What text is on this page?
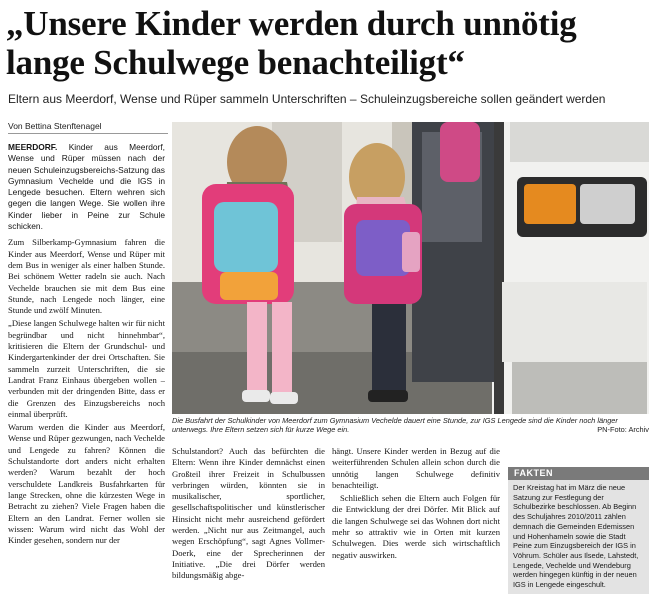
„Unsere Kinder werden durch unnötig lange Schulwege benachteiligt“
Eltern aus Meerdorf, Wense und Rüper sammeln Unterschriften – Schuleinzugsbereiche sollen geändert werden
Von Bettina Stenftenagel

MEERDORF. Kinder aus Meerdorf, Wense und Rüper müssen nach der neuen Schuleinzugsbereichs-Satzung das Gymnasium Vechelde und die IGS in Lengede besuchen. Eltern wehren sich gegen die langen Wege. Sie wollen ihre Kinder lieber in Peine zur Schule schicken.

Zum Silberkamp-Gymnasium fahren die Kinder aus Meerdorf, Wense und Rüper mit dem Bus in weniger als einer halben Stunde. Bei schönem Wetter radeln sie auch. Nach Vechelde brauchen sie mit dem Bus eine Stunde, nach Lengede noch länger, eine Stunde und zwölf Minuten.

„Diese langen Schulwege halten wir für nicht begründbar und nicht hinnehmbar“, kritisieren die Eltern der Grundschul- und Kindergartenkinder der drei Ortschaften. Sie sammeln zurzeit Unterschriften, die sie Landrat Franz Einhaus übergeben wollen – verbunden mit der dringenden Bitte, dass er die Grenzen des Einzugsbereichs noch einmal überprüft.

Warum werden die Kinder aus Meerdorf, Wense und Rüper gezwungen, nach Vechelde und Lengede zu fahren? Können die Schulstandorte dort anders nicht erhalten werden? Warum bezahlt der hoch verschuldete Landkreis Busfahrkarten für lange Strecken, ohne die kürzesten Wege in Betracht zu ziehen? Viele Fragen haben die Eltern an den Landrat. Ferner wollen sie wissen: Warum wird nicht das Wohl der Kinder gesehen, sondern nur der

Die Busfahrt der Schulkinder von Meerdorf zum Gymnasium Vechelde dauert eine Stunde, zur IGS Lengede sind die Kinder noch länger unterwegs. Ihre Eltern setzen sich für kurze Wege ein.	PN-Foto: Archiv

Schulstandort? Auch das befürchten die Eltern: Wenn ihre Kinder demnächst einen Großteil ihrer Freizeit in Schulbussen verbringen würden, könnten sie in musikalischer, sportlicher, gesellschaftspolitischer und künstlerischer Hinsicht nicht mehr ausreichend gefördert werden. „Nicht nur aus Zeitmangel, auch wegen Erschöpfung“, sagt Agnes Vollmer-Doerk, eine der Sprecherinnen der Initiative. „Die drei Dörfer werden bildungsmäßig abge-

hängt. Unsere Kinder werden in Bezug auf die weiterführenden Schulen allein schon durch die unnötig langen Schulwege definitiv benachteiligt.

Schließlich sehen die Eltern auch Folgen für die Entwicklung der drei Dörfer. Mit Blick auf die langen Schulwege sei das Wohnen dort nicht mehr so attraktiv wie in Orten mit kurzen Schulwegen. Dies werde sich wirtschaftlich negativ auswirken.

FAKTEN
Der Kreistag hat im März die neue Satzung zur Festlegung der Schulbezirke beschlossen. Ab Beginn des Schuljahres 2010/2011 zählen demnach die Gemeinden Edemissen und Hohenhameln sowie die Stadt Peine zum Einzugsbereich der IGS in Vöhrum. Schüler aus Ilsede, Lahstedt, Lengede, Vechelde und Wendeburg werden hingegen künftig in der neuen IGS in Lengede eingeschult.
